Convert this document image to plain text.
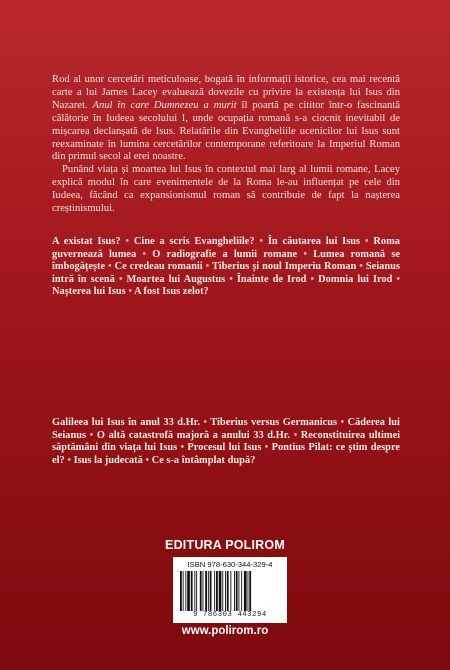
Rod al unor cercetări meticuloase, bogată în informații istorice, cea mai recentă carte a lui James Lacey evaluează dovezile cu privire la existența lui Isus din Nazaret. Anul în care Dumnezeu a murit îl poartă pe cititor într-o fascinantă călătorie în Iudeea secolului I, unde ocupația romană s-a ciocnit inevitabil de mișcarea declanșată de Isus. Relatările din Evangheliile ucenicilor lui Isus sunt reexaminate în lumina cercetărilor contemporane referitoare la Imperiul Roman din primul secol al erei noastre.

Punând viața și moartea lui Isus în contextul mai larg al lumii romane, Lacey explică modul în care evenimentele de la Roma le-au influențat pe cele din Iudeea, făcând ca expansionismul roman să contribuie de fapt la nașterea creștinismului.

A existat Isus? • Cine a scris Evangheliile? • În căutarea lui Isus • Roma guvernează lumea • O radiografie a lumii romane • Lumea romană se îmbogățește • Ce credeau romanii • Tiberius și noul Imperiu Roman • Seianus intră în scenă • Moartea lui Augustus • Înainte de Irod • Domnia lui Irod • Nașterea lui Isus • A fost Isus zelot?

Galileea lui Isus în anul 33 d.Hr. • Tiberius versus Germanicus • Căderea lui Seianus • O altă catastrofă majoră a anului 33 d.Hr. • Reconstituirea ultimei săptămâni din viața lui Isus • Procesul lui Isus • Pontius Pilat: ce știm despre el? • Isus la judecată • Ce s-a întâmplat după?

EDITURA POLIROM
ISBN 978-630-344-329-4
9 786303 443294
www.polirom.ro
